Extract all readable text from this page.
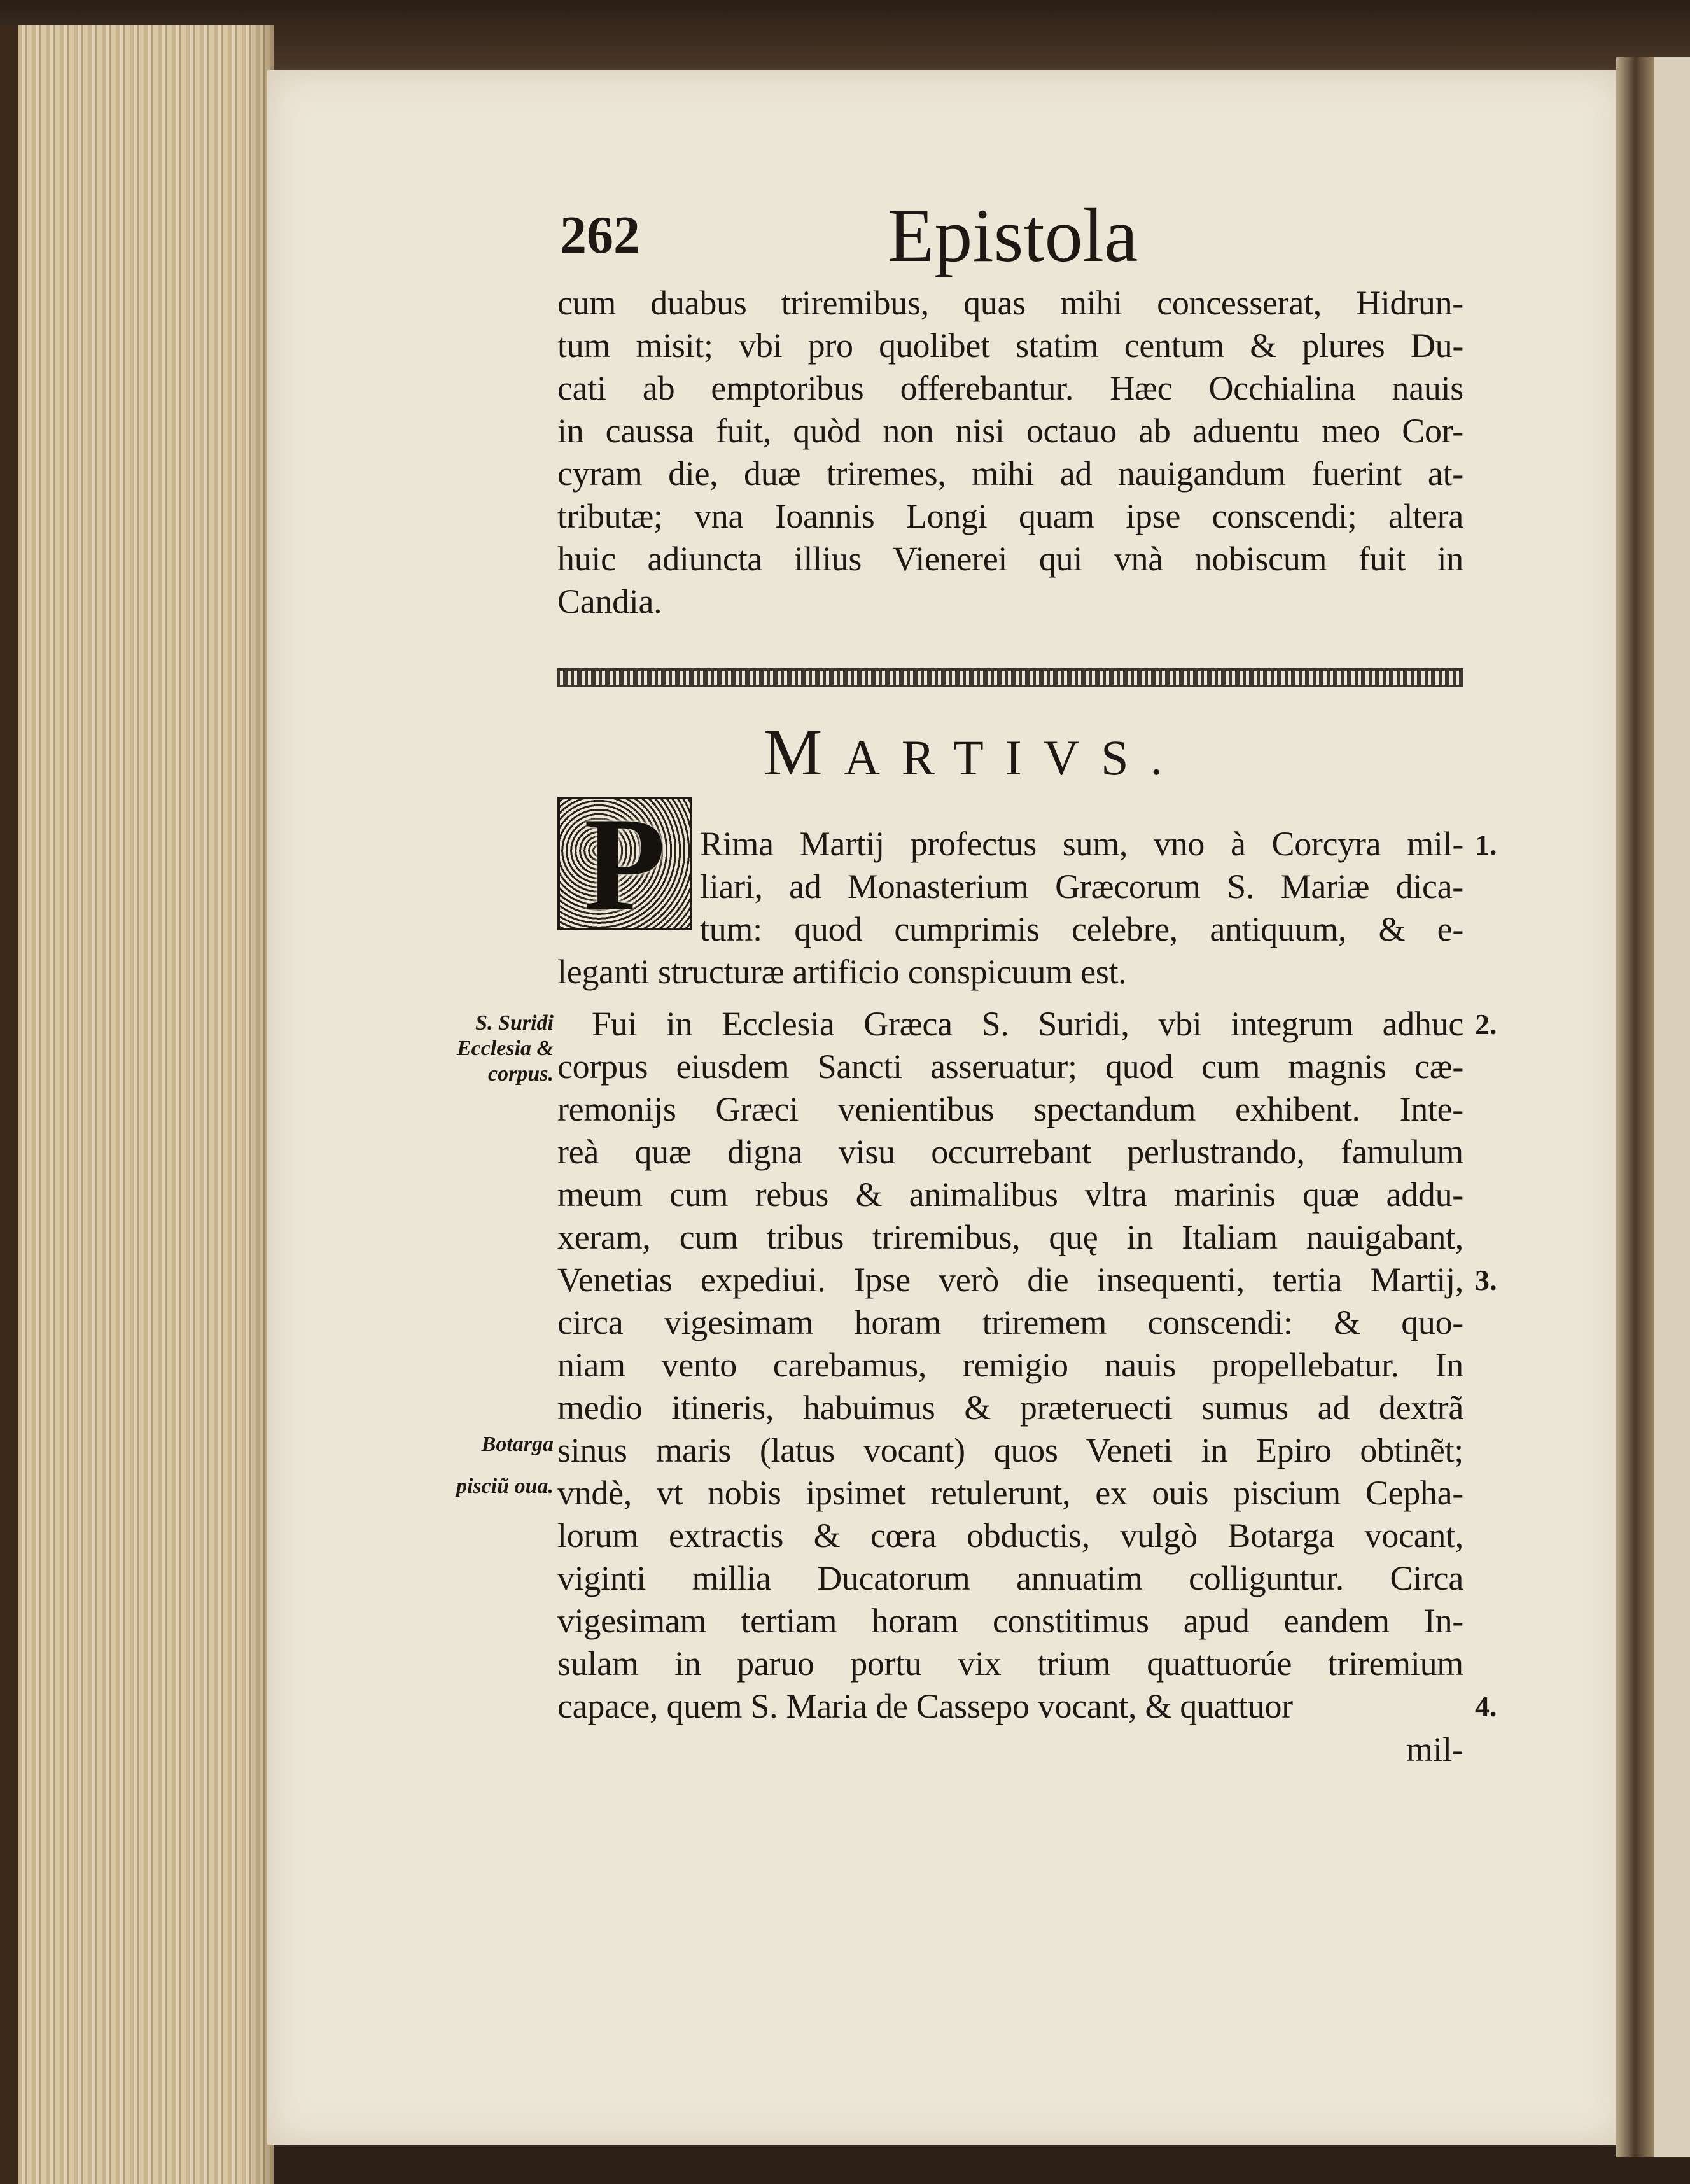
262	Epistola
cum duabus triremibus, quas mihi concesserat, Hidrun-
tum misit; vbi pro quolibet statim centum & plures Du-
cati ab emptoribus offerebantur. Hæc Occhialina nauis
in caussa fuit, quòd non nisi octauo ab aduentu meo Cor-
cyram die, duæ triremes, mihi ad nauigandum fuerint at-
tributæ; vna Ioannis Longi quam ipse conscendi; altera
huic adiuncta illius Vienerei qui vnà nobiscum fuit in
Candia.
MARTIVS.
P Rima Martij profectus sum, vno à Corcyra mil-
liari, ad Monasterium Græcorum S. Mariæ dica-
tum: quod cumprimis celebre, antiquum, & e-
leganti structuræ artificio conspicuum est.
Fui in Ecclesia Græca S. Suridi, vbi integrum adhuc
corpus eiusdem Sancti asseruatur; quod cum magnis cæ-
remonijs Græci venientibus spectandum exhibent. Inte-
reà quæ digna visu occurrebant perlustrando, famulum
meum cum rebus & animalibus vltra marinis quæ addu-
xeram, cum tribus triremibus, quę in Italiam nauigabant,
Venetias expediui. Ipse verò die insequenti, tertia Martij,
circa vigesimam horam triremem conscendi: & quo-
niam vento carebamus, remigio nauis propellebatur. In
medio itineris, habuimus & præteruecti sumus ad dextrã
sinus maris (latus vocant) quos Veneti in Epiro obtinẽt;
vndè, vt nobis ipsimet retulerunt, ex ouis piscium Cepha-
lorum extractis & cœra obductis, vulgò Botarga vocant,
viginti millia Ducatorum annuatim colliguntur. Circa
vigesimam tertiam horam constitimus apud eandem In-
sulam in paruo portu vix trium quattuorúe triremium
capace, quem S. Maria de Cassepo vocant, & quattuor
S. Suridi
Ecclesia &
corpus.
Botarga
pisciũ oua.
1.
2.
3.
4.
mil-
